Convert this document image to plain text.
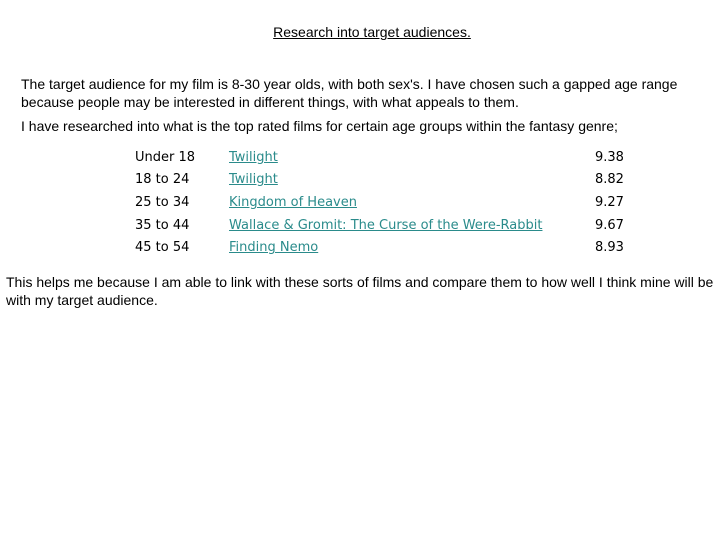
Research into target audiences.
The target audience for my film is 8-30 year olds, with both sex's. I have chosen such a gapped age range because people may be interested in different things, with what appeals to them.
I have researched into what is the top rated films for certain age groups within the fantasy genre;
Under 18	Twilight	9.38
18 to 24	Twilight	8.82
25 to 34	Kingdom of Heaven	9.27
35 to 44	Wallace & Gromit: The Curse of the Were-Rabbit	9.67
45 to 54	Finding Nemo	8.93
This helps me because I am able to link with these sorts of films and compare them to how well I think mine will be with my target audience.
